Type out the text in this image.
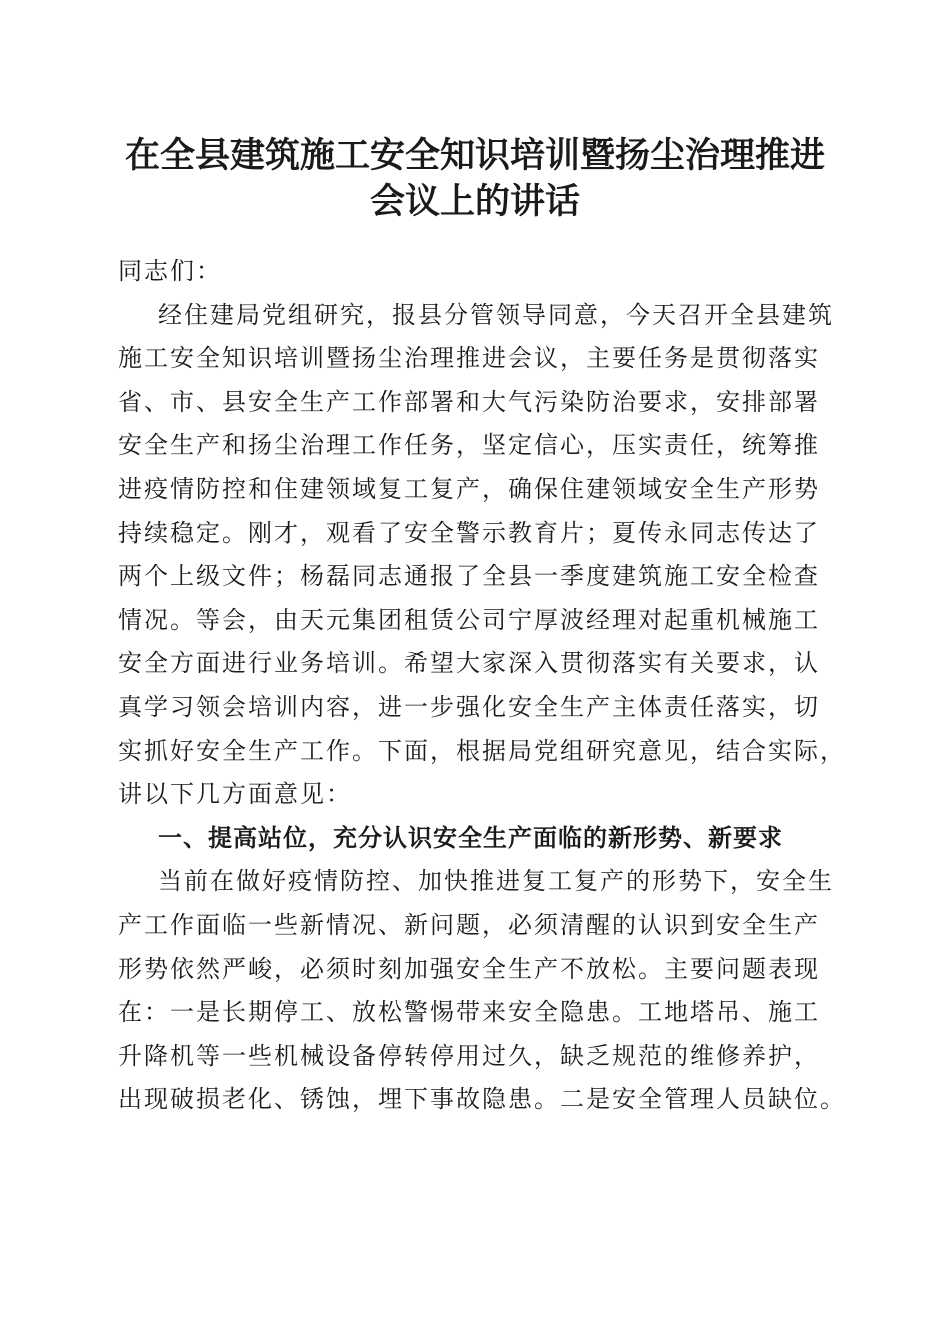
在全县建筑施工安全知识培训暨扬尘治理推进
会议上的讲话
同志们：
经住建局党组研究，报县分管领导同意，今天召开全县建筑
施工安全知识培训暨扬尘治理推进会议，主要任务是贯彻落实
省、市、县安全生产工作部署和大气污染防治要求，安排部署
安全生产和扬尘治理工作任务，坚定信心，压实责任，统筹推
进疫情防控和住建领域复工复产，确保住建领域安全生产形势
持续稳定。刚才，观看了安全警示教育片；夏传永同志传达了
两个上级文件；杨磊同志通报了全县一季度建筑施工安全检查
情况。等会，由天元集团租赁公司宁厚波经理对起重机械施工
安全方面进行业务培训。希望大家深入贯彻落实有关要求，认
真学习领会培训内容，进一步强化安全生产主体责任落实，切
实抓好安全生产工作。下面，根据局党组研究意见，结合实际，
讲以下几方面意见：
一、提高站位，充分认识安全生产面临的新形势、新要求
当前在做好疫情防控、加快推进复工复产的形势下，安全生
产工作面临一些新情况、新问题，必须清醒的认识到安全生产
形势依然严峻，必须时刻加强安全生产不放松。主要问题表现
在：一是长期停工、放松警惕带来安全隐患。工地塔吊、施工
升降机等一些机械设备停转停用过久，缺乏规范的维修养护，
出现破损老化、锈蚀，埋下事故隐患。二是安全管理人员缺位。
